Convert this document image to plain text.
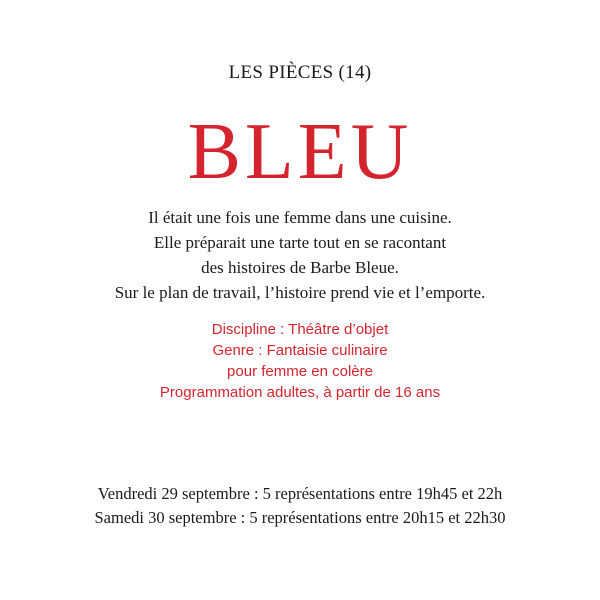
LES PIÈCES (14)
BLEU
Il était une fois une femme dans une cuisine.
Elle préparait une tarte tout en se racontant
des histoires de Barbe Bleue.
Sur le plan de travail, l’histoire prend vie et l’emporte.
Discipline : Théâtre d’objet
Genre : Fantaisie culinaire
pour femme en colère
Programmation adultes, à partir de 16 ans
Vendredi 29 septembre : 5 représentations entre 19h45 et 22h
Samedi 30 septembre : 5 représentations entre 20h15 et 22h30
